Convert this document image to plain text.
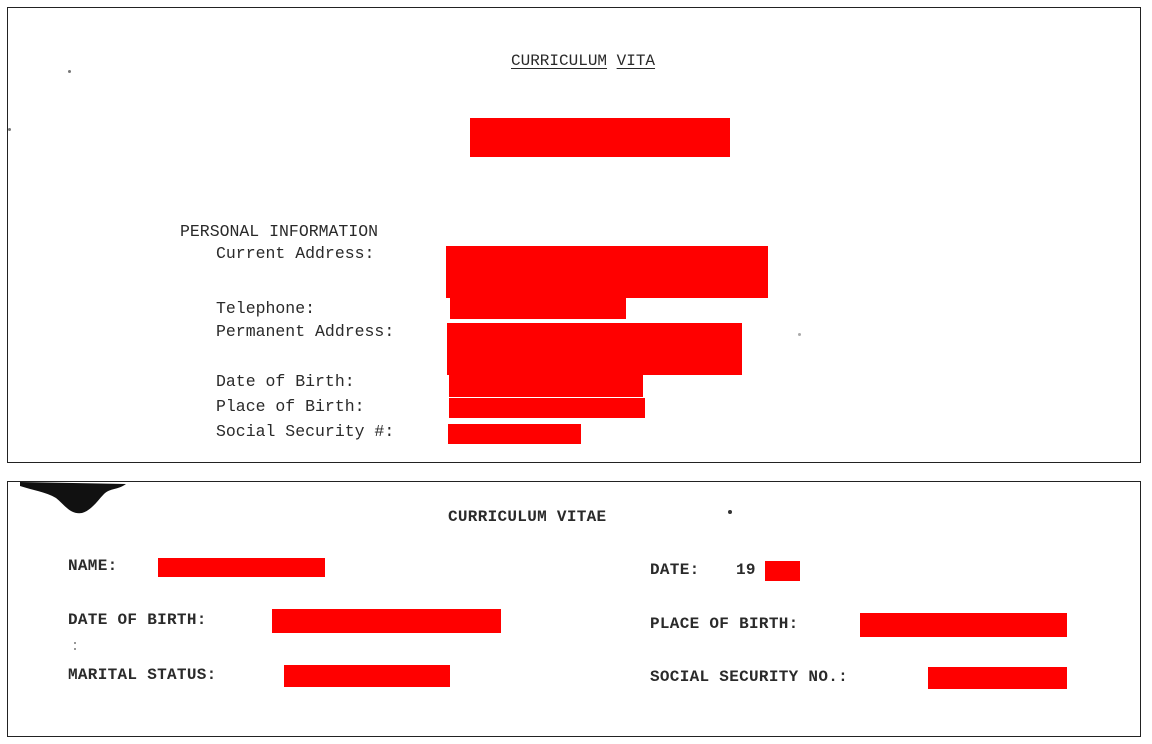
CURRICULUM VITA
PERSONAL INFORMATION
Current Address:
Telephone:
Permanent Address:
Date of Birth:
Place of Birth:
Social Security #:
CURRICULUM VITAE
NAME:	DATE: 19
DATE OF BIRTH:	PLACE OF BIRTH:
MARITAL STATUS:	SOCIAL SECURITY NO.:
